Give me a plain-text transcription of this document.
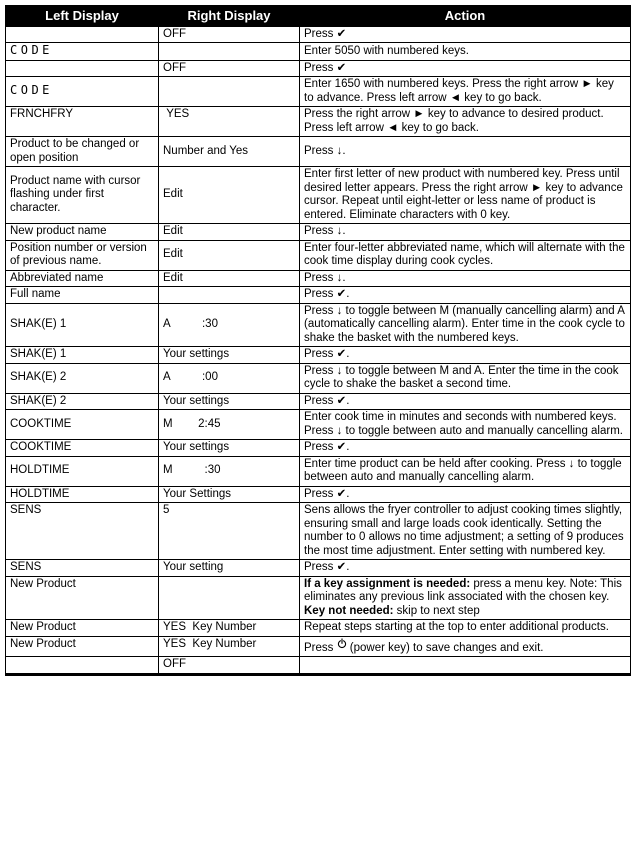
Left Display	Right Display	Action
	OFF	Press ✔
CODE		Enter 5050 with numbered keys.
	OFF	Press ✔
CODE		Enter 1650 with numbered keys. Press the right arrow ► key to advance. Press left arrow ◄ key to go back.
FRNCHFRY	YES	Press the right arrow ► key to advance to desired product. Press left arrow ◄ key to go back.
Product to be changed or open position	Number and Yes	Press ↓.
Product name with cursor flashing under first character.	Edit	Enter first letter of new product with numbered key. Press until desired letter appears. Press the right arrow ► key to advance cursor. Repeat until eight-letter or less name of product is entered. Eliminate characters with 0 key.
New product name	Edit	Press ↓.
Position number or version of previous name.	Edit	Enter four-letter abbreviated name, which will alternate with the cook time display during cook cycles.
Abbreviated name	Edit	Press ↓.
Full name		Press ✔.
SHAK(E) 1	A          :30	Press ↓ to toggle between M (manually cancelling alarm) and A (automatically cancelling alarm). Enter time in the cook cycle to shake the basket with the numbered keys.
SHAK(E) 1	Your settings	Press ✔.
SHAK(E) 2	A          :00	Press ↓ to toggle between M and A. Enter the time in the cook cycle to shake the basket a second time.
SHAK(E) 2	Your settings	Press ✔.
COOKTIME	M        2:45	Enter cook time in minutes and seconds with numbered keys. Press ↓ to toggle between auto and manually cancelling alarm.
COOKTIME	Your settings	Press ✔.
HOLDTIME	M          :30	Enter time product can be held after cooking. Press ↓ to toggle between auto and manually cancelling alarm.
HOLDTIME	Your Settings	Press ✔.
SENS	5	Sens allows the fryer controller to adjust cooking times slightly, ensuring small and large loads cook identically. Setting the number to 0 allows no time adjustment; a setting of 9 produces the most time adjustment. Enter setting with numbered key.
SENS	Your setting	Press ✔.
New Product		If a key assignment is needed: press a menu key. Note: This eliminates any previous link associated with the chosen key. Key not needed: skip to next step
New Product	YES  Key Number	Repeat steps starting at the top to enter additional products.
New Product	YES  Key Number	Press  (power key) to save changes and exit.
	OFF	
